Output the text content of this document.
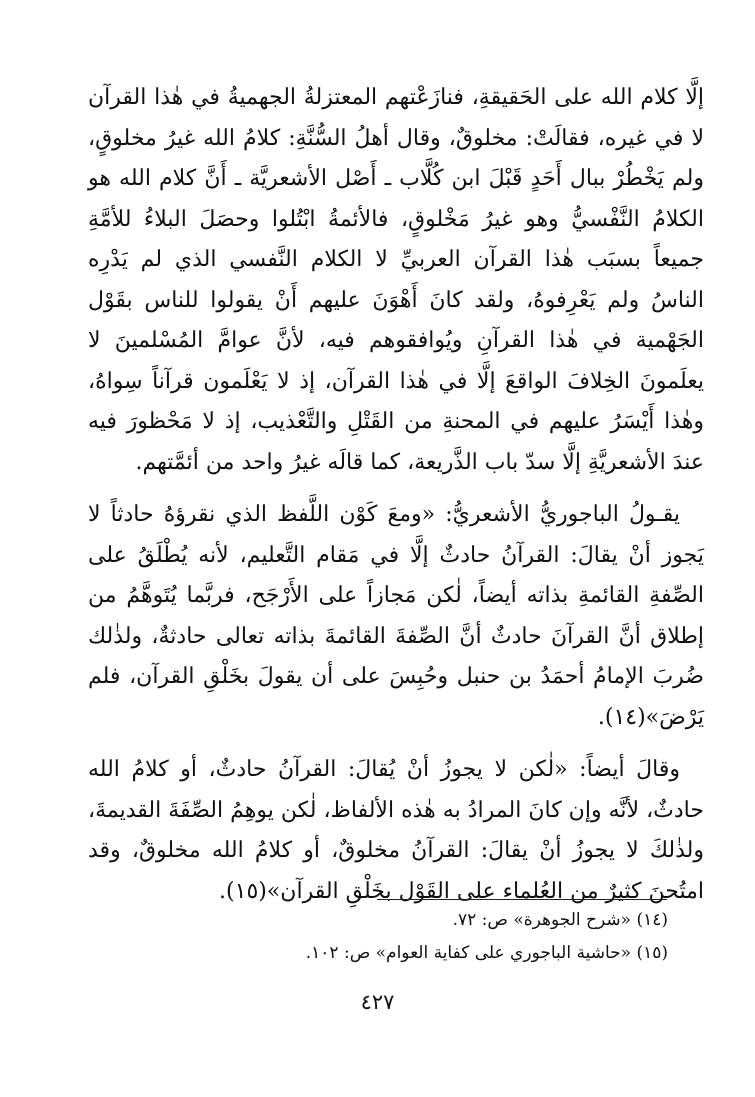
إلَّا كلام الله على الحَقيقةِ، فنازَعْتهم المعتزلةُ الجهميةُ في هٰذا القرآن لا في غيره، فقالَتْ: مخلوقٌ، وقال أهلُ السُّنَّةِ: كلامُ الله غيرُ مخلوقٍ، ولم يَخْطُرْ ببال أَحَدٍ قَبْلَ ابن كُلَّاب ـ أَصْل الأشعريَّة ـ أَنَّ كلام الله هو الكلامُ النَّفْسيُّ وهو غيرُ مَخْلوقٍ، فالأئمةُ ابْتُلوا وحصَلَ البلاءُ للأمَّةِ جميعاً بسبَب هٰذا القرآن العربيِّ لا الكلام النَّفسي الذي لم يَدْرِه الناسُ ولم يَعْرِفوهُ، ولقد كانَ أَهْوَنَ عليهم أَنْ يقولوا للناس بقَوْل الجَهْمية في هٰذا القرآنِ ويُوافقوهم فيه، لأنَّ عوامَّ المُسْلمينَ لا يعلَمونَ الخِلافَ الواقعَ إلَّا في هٰذا القرآن، إذ لا يَعْلَمون قرآناً سِواهُ، وهٰذا أَيْسَرُ عليهم في المحنةِ من القَتْلِ والتَّعْذيب، إذ لا مَحْظورَ فيه عندَ الأشعريَّةِ إلَّا سدّ باب الذَّريعة، كما قالَه غيرُ واحد من أئمَّتهم.

يقـولُ الباجوريُّ الأشعريُّ: «ومعَ كَوْن اللَّفظ الذي نقرؤهُ حادثاً لا يَجوز أنْ يقالَ: القرآنُ حادثٌ إلَّا في مَقام التَّعليم، لأنه يُطْلَقُ على الصِّفةِ القائمةِ بذاته أيضاً، لٰكن مَجازاً على الأَرْجَح، فربَّما يُتَوهَّمُ من إطلاق أنَّ القرآنَ حادثٌ أنَّ الصِّفةَ القائمةَ بذاته تعالى حادثةٌ، ولذٰلك ضُربَ الإمامُ أحمَدُ بن حنبل وحُبِسَ على أن يقولَ بخَلْقِ القرآن، فلم يَرْضَ»(١٤).

وقالَ أيضاً: «لٰكن لا يجوزُ أنْ يُقالَ: القرآنُ حادثٌ، أو كلامُ الله حادثٌ، لأنَّه وإن كانَ المرادُ به هٰذه الألفاظ، لٰكن يوهِمُ الصِّفَةَ القديمةَ، ولذٰلكَ لا يجوزُ أنْ يقالَ: القرآنُ مخلوقٌ، أو كلامُ الله مخلوقٌ، وقد امتُحنَ كثيرٌ من العُلماء على القَوْل بخَلْقِ القرآن»(١٥).

(١٤) «شرح الجوهرة» ص: ٧٢.

(١٥) «حاشية الباجوري على كفاية العوام» ص: ١٠٢.

٤٢٧
